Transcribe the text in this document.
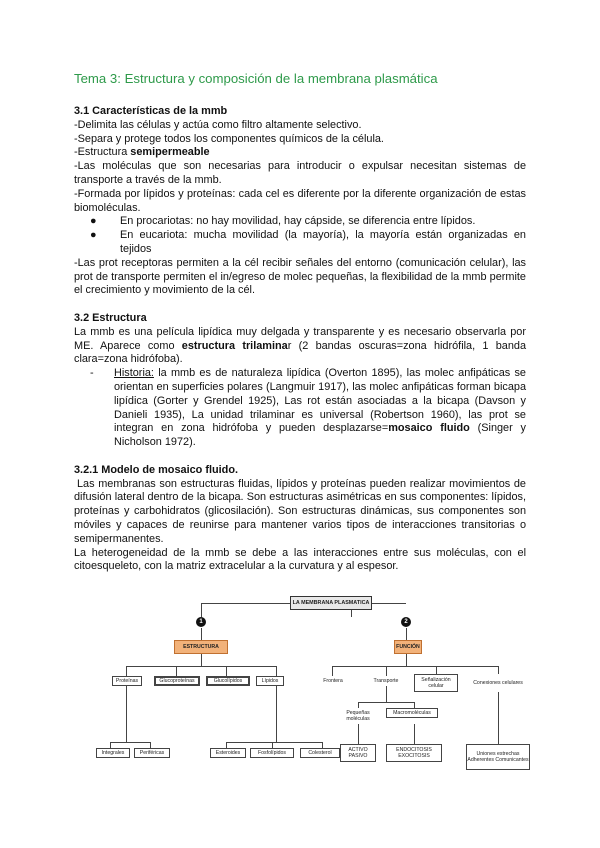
Tema 3: Estructura y composición de la membrana plasmática

3.1 Características de la mmb

-Delimita las células y actúa como filtro altamente selectivo.

-Separa y protege todos los componentes químicos de la célula.

-Estructura semipermeable

-Las moléculas que son necesarias para introducir o expulsar necesitan sistemas de transporte a través de la mmb.

-Formada por lípidos y proteínas: cada cel es diferente por la diferente organización de estas biomoléculas.

● En procariotas: no hay movilidad, hay cápside, se diferencia entre lípidos.

● En eucariota: mucha movilidad (la mayoría), la mayoría están organizadas en tejidos

-Las prot receptoras permiten a la cél recibir señales del entorno (comunicación celular), las prot de transporte permiten el in/egreso de molec pequeñas, la flexibilidad de la mmb permite el crecimiento y movimiento de la cél.

3.2 Estructura

La mmb es una película lipídica muy delgada y transparente y es necesario observarla por ME. Aparece como estructura trilaminar (2 bandas oscuras=zona hidrófila, 1 banda clara=zona hidrófoba).

- Historia: la mmb es de naturaleza lipídica (Overton 1895), las molec anfipáticas se orientan en superficies polares (Langmuir 1917), las molec anfipáticas forman bicapa lipídica (Gorter y Grendel 1925), Las rot están asociadas a la bicapa (Davson y Danieli 1935), La unidad trilaminar es universal (Robertson 1960), las prot se integran en zona hidrófoba y pueden desplazarse=mosaico fluido (Singer y Nicholson 1972).

3.2.1 Modelo de mosaico fluido.

Las membranas son estructuras fluidas, lípidos y proteínas pueden realizar movimientos de difusión lateral dentro de la bicapa. Son estructuras asimétricas en sus componentes: lípidos, proteínas y carbohidratos (glicosilación). Son estructuras dinámicas, sus componentes son móviles y capaces de reunirse para mantener varios tipos de interacciones transitorias o semipermanentes.

La heterogeneidad de la mmb se debe a las interacciones entre sus moléculas, con el citoesqueleto, con la matriz extracelular a la curvatura y al espesor.

LA MEMBRANA PLASMATICA
1	2
ESTRUCTURA	FUNCIÓN
Proteínas	Glucoproteínas	Glucolípidos	Lípidos
Integrales	Periféricas	Esteroides	Fosfolípidos	Colesterol
Frontera	Transporte	Señalización celular	Conexiones celulares
Pequeñas moléculas
Macromoléculas
ACTIVO PASIVO
ENDOCITOSIS EXOCITOSIS	Uniones estrechas Adherentes Comunicantes
